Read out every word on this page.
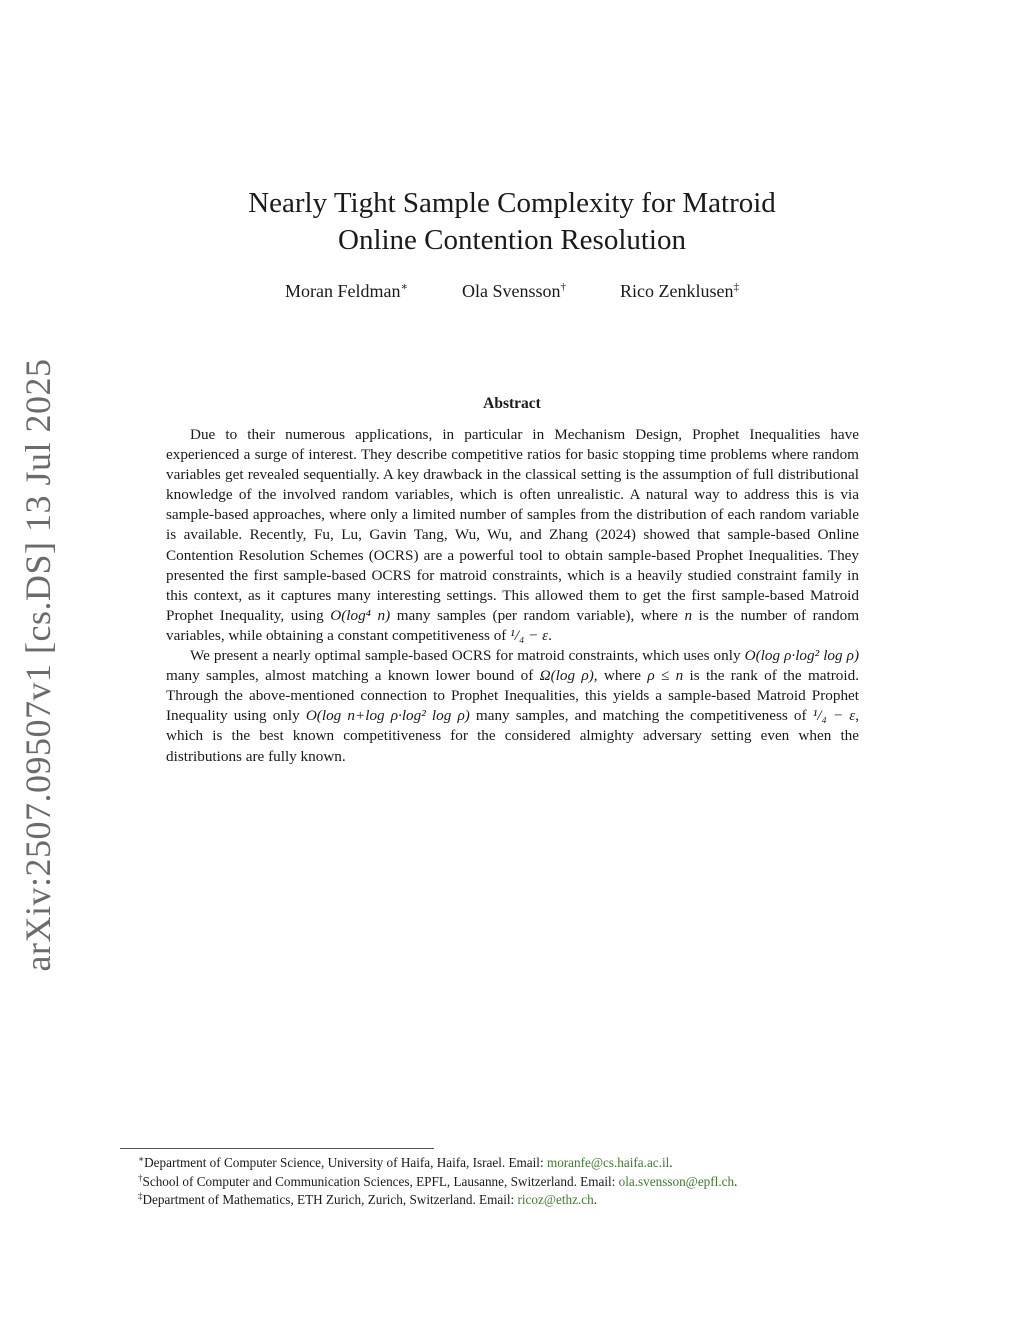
arXiv:2507.09507v1 [cs.DS] 13 Jul 2025
Nearly Tight Sample Complexity for Matroid
Online Contention Resolution
Moran Feldman∗	Ola Svensson†	Rico Zenklusen‡
Abstract

Due to their numerous applications, in particular in Mechanism Design, Prophet Inequalities have experienced a surge of interest. They describe competitive ratios for basic stopping time problems where random variables get revealed sequentially. A key drawback in the classical setting is the assumption of full distributional knowledge of the involved random variables, which is often unrealistic. A natural way to address this is via sample-based approaches, where only a limited number of samples from the distribution of each random variable is available. Recently, Fu, Lu, Gavin Tang, Wu, Wu, and Zhang (2024) showed that sample-based Online Contention Resolution Schemes (OCRS) are a powerful tool to obtain sample-based Prophet Inequalities. They presented the first sample-based OCRS for matroid constraints, which is a heavily studied constraint family in this context, as it captures many interesting settings. This allowed them to get the first sample-based Matroid Prophet Inequality, using O(log⁴ n) many samples (per random variable), where n is the number of random variables, while obtaining a constant competitiveness of ¹/₄ − ε.

We present a nearly optimal sample-based OCRS for matroid constraints, which uses only O(log ρ·log² log ρ) many samples, almost matching a known lower bound of Ω(log ρ), where ρ ≤ n is the rank of the matroid. Through the above-mentioned connection to Prophet Inequalities, this yields a sample-based Matroid Prophet Inequality using only O(log n+log ρ·log² log ρ) many samples, and matching the competitiveness of ¹/₄ − ε, which is the best known competitiveness for the considered almighty adversary setting even when the distributions are fully known.

∗Department of Computer Science, University of Haifa, Haifa, Israel. Email: moranfe@cs.haifa.ac.il.
†School of Computer and Communication Sciences, EPFL, Lausanne, Switzerland. Email: ola.svensson@epfl.ch.
‡Department of Mathematics, ETH Zurich, Zurich, Switzerland. Email: ricoz@ethz.ch.
